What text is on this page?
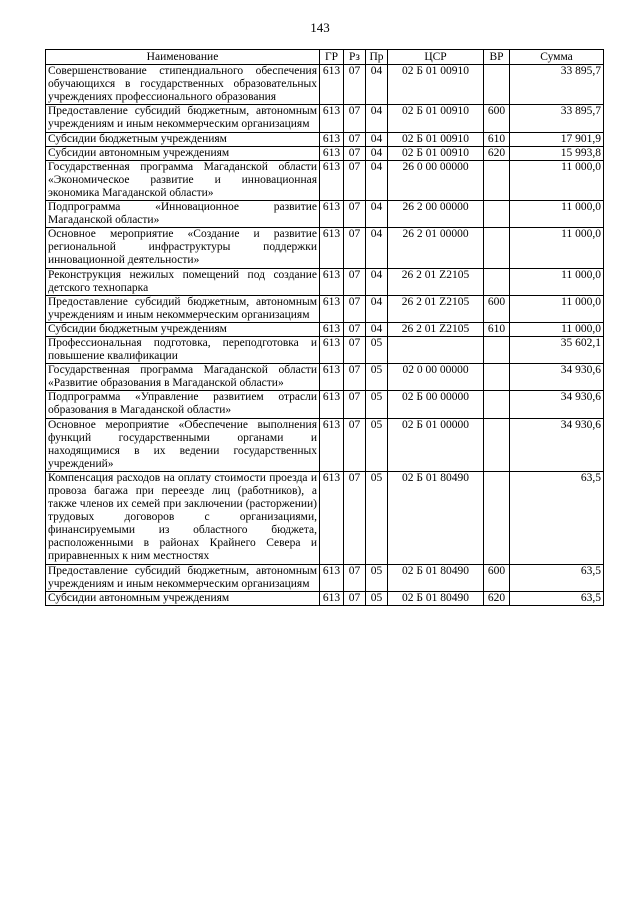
143
Наименование	ГР	Рз	Пр	ЦСР	ВР	Сумма
Совершенствование стипендиального обеспечения обучающихся в государственных образовательных учреждениях профессионального образования	613	07	04	02 Б 01 00910		33 895,7
Предоставление субсидий бюджетным, автономным учреждениям и иным некоммерческим организациям	613	07	04	02 Б 01 00910	600	33 895,7
Субсидии бюджетным учреждениям	613	07	04	02 Б 01 00910	610	17 901,9
Субсидии автономным учреждениям	613	07	04	02 Б 01 00910	620	15 993,8
Государственная программа Магаданской области «Экономическое развитие и инновационная экономика Магаданской области»	613	07	04	26 0 00 00000		11 000,0
Подпрограмма «Инновационное развитие Магаданской области»	613	07	04	26 2 00 00000		11 000,0
Основное мероприятие «Создание и развитие региональной инфраструктуры поддержки инновационной деятельности»	613	07	04	26 2 01 00000		11 000,0
Реконструкция нежилых помещений под создание детского технопарка	613	07	04	26 2 01 Z2105		11 000,0
Предоставление субсидий бюджетным, автономным учреждениям и иным некоммерческим организациям	613	07	04	26 2 01 Z2105	600	11 000,0
Субсидии бюджетным учреждениям	613	07	04	26 2 01 Z2105	610	11 000,0
Профессиональная подготовка, переподготовка и повышение квалификации	613	07	05			35 602,1
Государственная программа Магаданской области «Развитие образования в Магаданской области»	613	07	05	02 0 00 00000		34 930,6
Подпрограмма «Управление развитием отрасли образования в Магаданской области»	613	07	05	02 Б 00 00000		34 930,6
Основное мероприятие «Обеспечение выполнения функций государственными органами и находящимися в их ведении государственных учреждений»	613	07	05	02 Б 01 00000		34 930,6
Компенсация расходов на оплату стоимости проезда и провоза багажа при переезде лиц (работников), а также членов их семей при заключении (расторжении) трудовых договоров с организациями, финансируемыми из областного бюджета, расположенными в районах Крайнего Севера и приравненных к ним местностях	613	07	05	02 Б 01 80490		63,5
Предоставление субсидий бюджетным, автономным учреждениям и иным некоммерческим организациям	613	07	05	02 Б 01 80490	600	63,5
Субсидии автономным учреждениям	613	07	05	02 Б 01 80490	620	63,5
